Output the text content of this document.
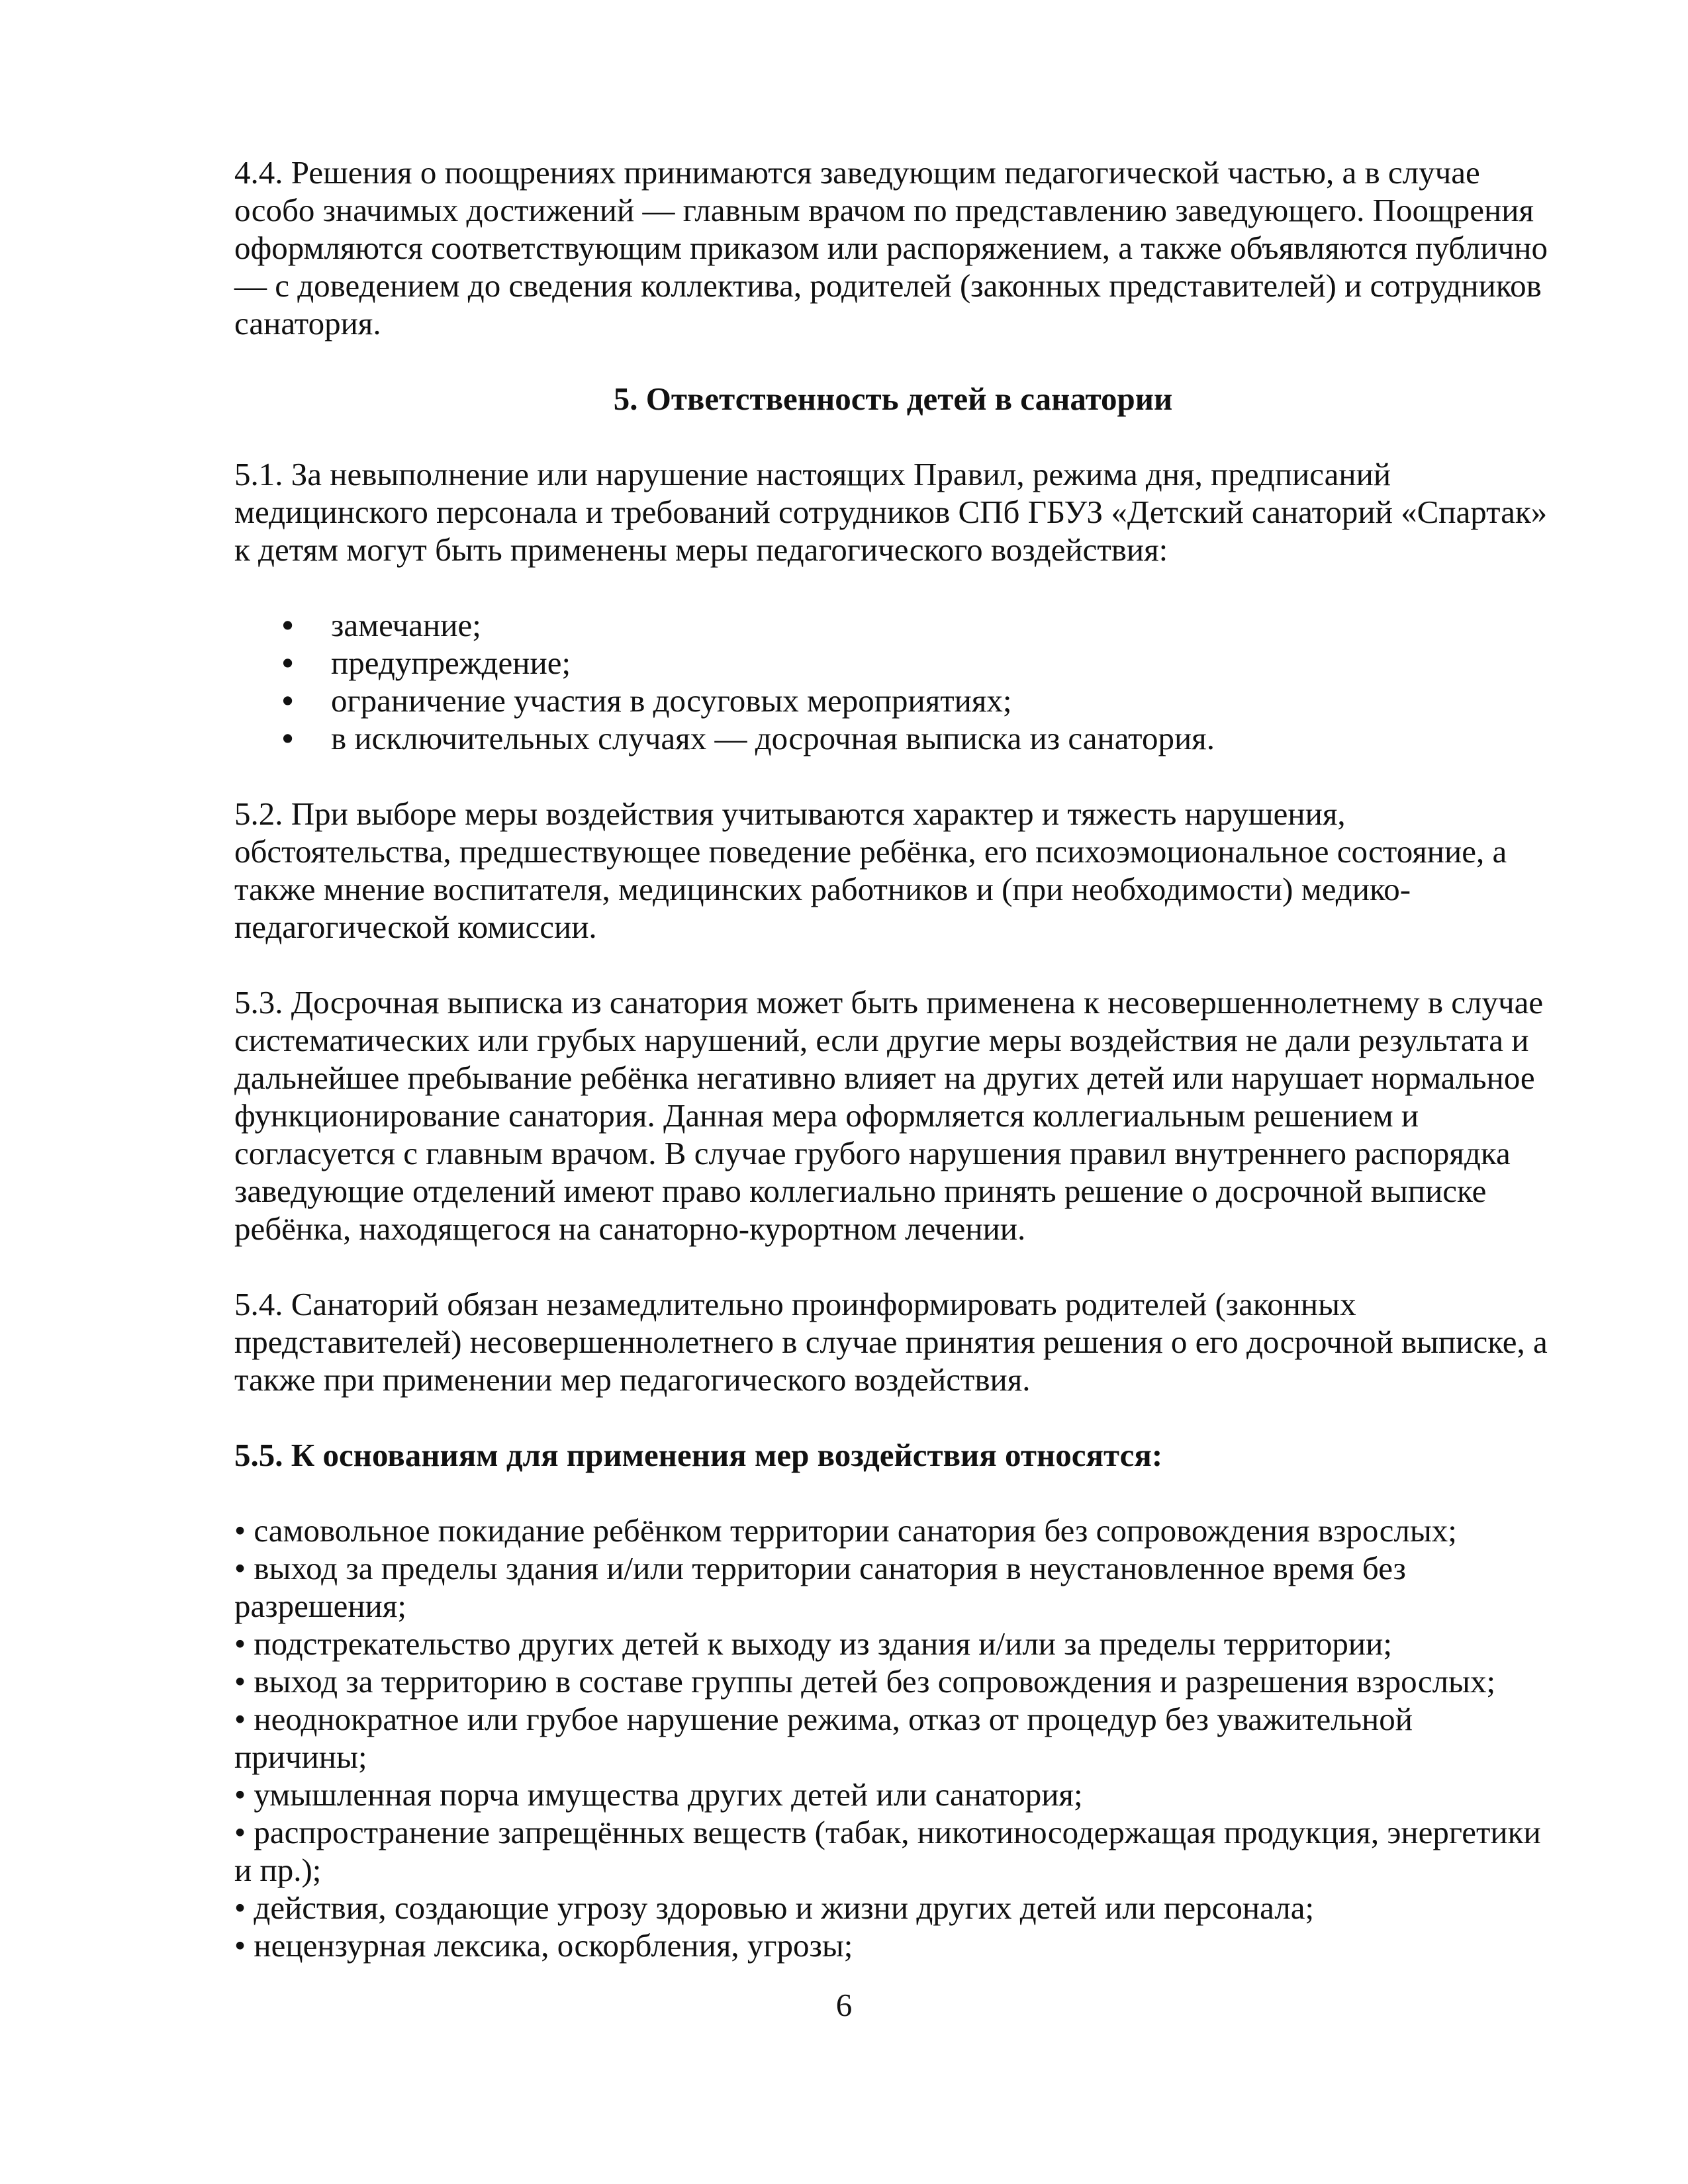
4.4. Решения о поощрениях принимаются заведующим педагогической частью, а в случае особо значимых достижений — главным врачом по представлению заведующего. Поощрения оформляются соответствующим приказом или распоряжением, а также объявляются публично — с доведением до сведения коллектива, родителей (законных представителей) и сотрудников санатория.

5. Ответственность детей в санатории

5.1. За невыполнение или нарушение настоящих Правил, режима дня, предписаний медицинского персонала и требований сотрудников СПб ГБУЗ «Детский санаторий «Спартак» к детям могут быть применены меры педагогического воздействия:

• замечание;
• предупреждение;
• ограничение участия в досуговых мероприятиях;
• в исключительных случаях — досрочная выписка из санатория.

5.2. При выборе меры воздействия учитываются характер и тяжесть нарушения, обстоятельства, предшествующее поведение ребёнка, его психоэмоциональное состояние, а также мнение воспитателя, медицинских работников и (при необходимости) медико-педагогической комиссии.

5.3. Досрочная выписка из санатория может быть применена к несовершеннолетнему в случае систематических или грубых нарушений, если другие меры воздействия не дали результата и дальнейшее пребывание ребёнка негативно влияет на других детей или нарушает нормальное функционирование санатория. Данная мера оформляется коллегиальным решением и согласуется с главным врачом. В случае грубого нарушения правил внутреннего распорядка заведующие отделений имеют право коллегиально принять решение о досрочной выписке ребёнка, находящегося на санаторно-курортном лечении.

5.4. Санаторий обязан незамедлительно проинформировать родителей (законных представителей) несовершеннолетнего в случае принятия решения о его досрочной выписке, а также при применении мер педагогического воздействия.

5.5. К основаниям для применения мер воздействия относятся:

• самовольное покидание ребёнком территории санатория без сопровождения взрослых;
• выход за пределы здания и/или территории санатория в неустановленное время без разрешения;
• подстрекательство других детей к выходу из здания и/или за пределы территории;
• выход за территорию в составе группы детей без сопровождения и разрешения взрослых;
• неоднократное или грубое нарушение режима, отказ от процедур без уважительной причины;
• умышленная порча имущества других детей или санатория;
• распространение запрещённых веществ (табак, никотиносодержащая продукция, энергетики и пр.);
• действия, создающие угрозу здоровью и жизни других детей или персонала;
• нецензурная лексика, оскорбления, угрозы;
6
